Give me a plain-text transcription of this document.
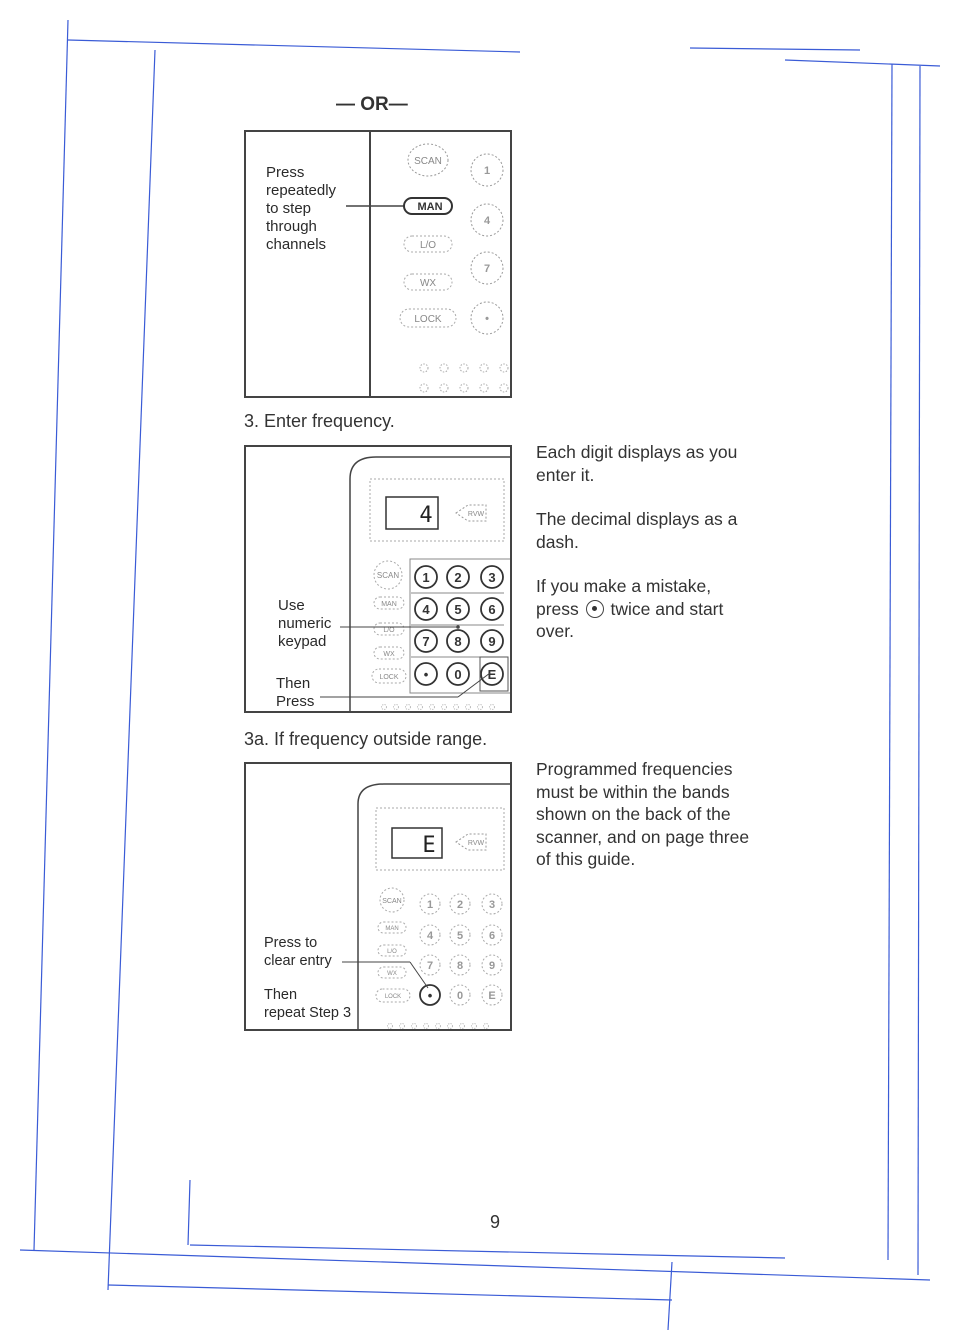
— OR—
SCAN
MAN
L/O
WX
LOCK
1
4
7
•
Press
repeatedly
to step
through
channels
3. Enter frequency.
4	RVW
SCAN
MAN
L/O
WX
LOCK
1 2 3
4 5 6
7 8 9
• 0 E
Use
numeric
keypad
Then
Press
Each digit displays as you enter it.
The decimal displays as a dash.
If you make a mistake, press twice and start over.
3a. If frequency outside range.
E	RVW
SCAN
MAN
L/O
WX
LOCK
1 2 3
4 5 6
7 8 9
• 0 E
Press to
clear entry
Then
repeat Step 3
Programmed frequencies must be within the bands shown on the back of the scanner, and on page three of this guide.
9
